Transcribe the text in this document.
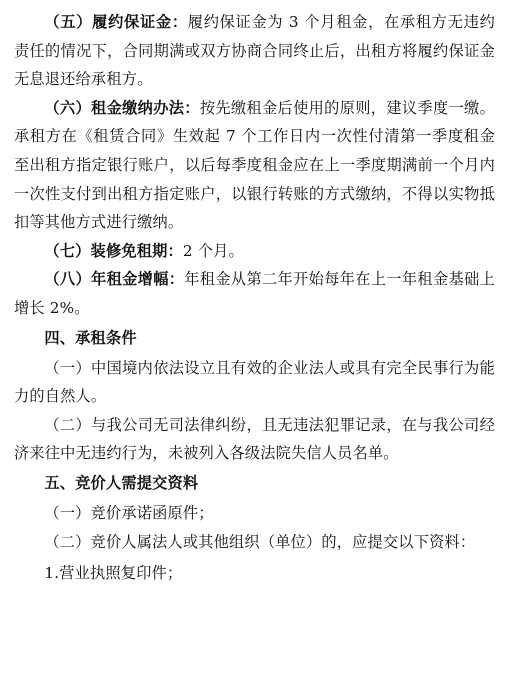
（五）履约保证金：履约保证金为 3 个月租金，在承租方无违约责任的情况下，合同期满或双方协商合同终止后，出租方将履约保证金无息退还给承租方。

（六）租金缴纳办法：按先缴租金后使用的原则，建议季度一缴。承租方在《租赁合同》生效起 7 个工作日内一次性付清第一季度租金至出租方指定银行账户，以后每季度租金应在上一季度期满前一个月内一次性支付到出租方指定账户，以银行转账的方式缴纳，不得以实物抵扣等其他方式进行缴纳。

（七）装修免租期：2 个月。

（八）年租金增幅：年租金从第二年开始每年在上一年租金基础上增长 2%。

四、承租条件

（一）中国境内依法设立且有效的企业法人或具有完全民事行为能力的自然人。

（二）与我公司无司法律纠纷，且无违法犯罪记录，在与我公司经济来往中无违约行为，未被列入各级法院失信人员名单。

五、竞价人需提交资料

（一）竞价承诺函原件；

（二）竞价人属法人或其他组织（单位）的，应提交以下资料：

1.营业执照复印件；
